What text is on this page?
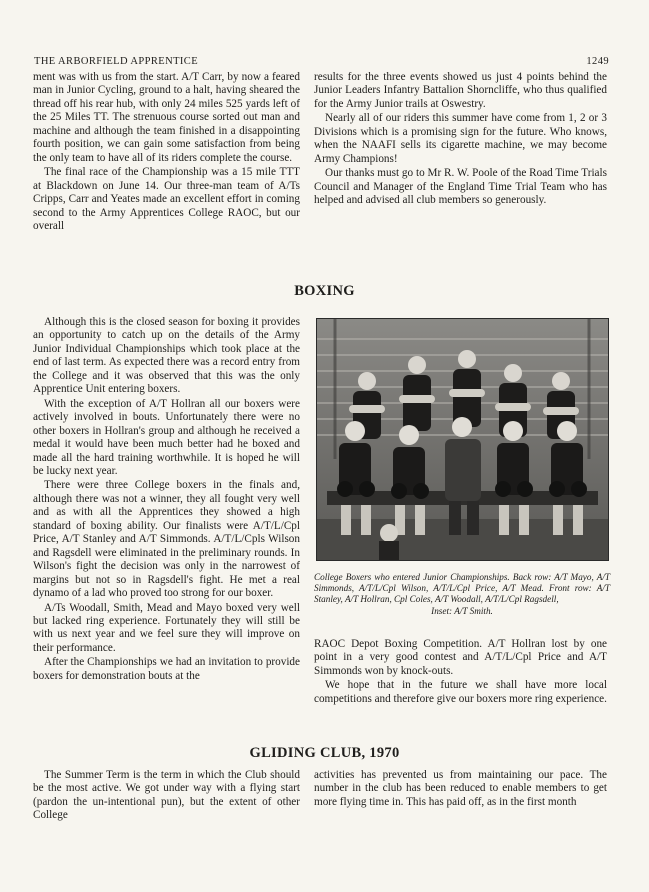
THE ARBORFIELD APPRENTICE	1249

ment was with us from the start. A/T Carr, by now a feared man in Junior Cycling, ground to a halt, having sheared the thread off his rear hub, with only 24 miles 525 yards left of the 25 Miles TT. The strenuous course sorted out man and machine and although the team finished in a disappointing fourth position, we can gain some satisfaction from being the only team to have all of its riders complete the course.

The final race of the Championship was a 15 mile TTT at Blackdown on June 14. Our three-man team of A/Ts Cripps, Carr and Yeates made an excellent effort in coming second to the Army Apprentices College RAOC, but our overall

results for the three events showed us just 4 points behind the Junior Leaders Infantry Battalion Shorncliffe, who thus qualified for the Army Junior trails at Oswestry.

Nearly all of our riders this summer have come from 1, 2 or 3 Divisions which is a promising sign for the future. Who knows, when the NAAFI sells its cigarette machine, we may become Army Champions!

Our thanks must go to Mr R. W. Poole of the Road Time Trials Council and Manager of the England Time Trial Team who has helped and advised all club members so generously.

BOXING

Although this is the closed season for boxing it provides an opportunity to catch up on the details of the Army Junior Individual Championships which took place at the end of last term. As expected there was a record entry from the College and it was observed that this was the only Apprentice Unit entering boxers.

With the exception of A/T Hollran all our boxers were actively involved in bouts. Unfortunately there were no other boxers in Hollran's group and although he received a medal it would have been much better had he boxed and made all the hard training worthwhile. It is hoped he will be lucky next year.

There were three College boxers in the finals and, although there was not a winner, they all fought very well and as with all the Apprentices they showed a high standard of boxing ability. Our finalists were A/T/L/Cpl Price, A/T Stanley and A/T Simmonds. A/T/L/Cpls Wilson and Ragsdell were eliminated in the preliminary rounds. In Wilson's fight the decision was only in the narrowest of margins but not so in Ragsdell's fight. He met a real dynamo of a lad who proved too strong for our boxer.

A/Ts Woodall, Smith, Mead and Mayo boxed very well but lacked ring experience. Fortunately they will still be with us next year and we feel sure they will improve on their performance.

After the Championships we had an invitation to provide boxers for demonstration bouts at the

College Boxers who entered Junior Championships. Back row: A/T Mayo, A/T Simmonds, A/T/L/Cpl Wilson, A/T/L/Cpl Price, A/T Mead. Front row: A/T Stanley, A/T Hollran, Cpl Coles, A/T Woodall, A/T/L/Cpl Ragsdell,
Inset: A/T Smith.

RAOC Depot Boxing Competition. A/T Hollran lost by one point in a very good contest and A/T/L/Cpl Price and A/T Simmonds won by knock-outs.

We hope that in the future we shall have more local competitions and therefore give our boxers more ring experience.

GLIDING CLUB, 1970

The Summer Term is the term in which the Club should be the most active. We got under way with a flying start (pardon the un-intentional pun), but the extent of other College

activities has prevented us from maintaining our pace. The number in the club has been reduced to enable members to get more flying time in. This has paid off, as in the first month
